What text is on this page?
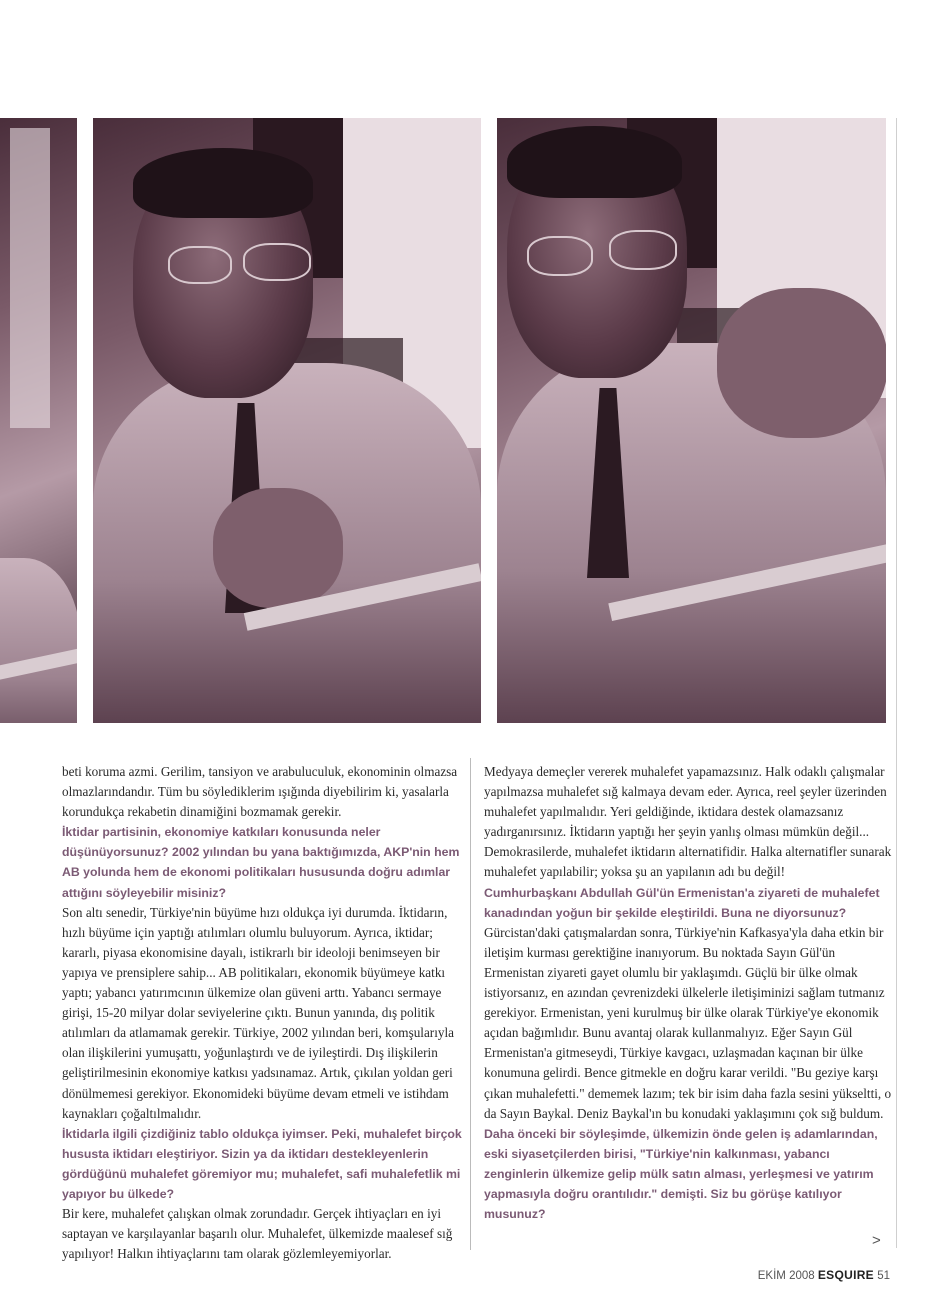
beti koruma azmi. Gerilim, tansiyon ve arabuluculuk, ekonominin olmazsa olmazlarındandır. Tüm bu söylediklerim ışığında diyebilirim ki, yasalarla korundukça rekabetin dinamiğini bozmamak gerekir.

İktidar partisinin, ekonomiye katkıları konusunda neler düşünüyorsunuz? 2002 yılından bu yana baktığımızda, AKP'nin hem AB yolunda hem de ekonomi politikaları hususunda doğru adımlar attığını söyleyebilir misiniz?

Son altı senedir, Türkiye'nin büyüme hızı oldukça iyi durumda. İktidarın, hızlı büyüme için yaptığı atılımları olumlu buluyorum. Ayrıca, iktidar; kararlı, piyasa ekonomisine dayalı, istikrarlı bir ideoloji benimseyen bir yapıya ve prensiplere sahip... AB politikaları, ekonomik büyümeye katkı yaptı; yabancı yatırımcının ülkemize olan güveni arttı. Yabancı sermaye girişi, 15-20 milyar dolar seviyelerine çıktı. Bunun yanında, dış politik atılımları da atlamamak gerekir. Türkiye, 2002 yılından beri, komşularıyla olan ilişkilerini yumuşattı, yoğunlaştırdı ve de iyileştirdi. Dış ilişkilerin geliştirilmesinin ekonomiye katkısı yadsınamaz. Artık, çıkılan yoldan geri dönülmemesi gerekiyor. Ekonomideki büyüme devam etmeli ve istihdam kaynakları çoğaltılmalıdır.

İktidarla ilgili çizdiğiniz tablo oldukça iyimser. Peki, muhalefet birçok hususta iktidarı eleştiriyor. Sizin ya da iktidarı destekleyenlerin gördüğünü muhalefet göremiyor mu; muhalefet, safi muhalefetlik mi yapıyor bu ülkede?

Bir kere, muhalefet çalışkan olmak zorundadır. Gerçek ihtiyaçları en iyi saptayan ve karşılayanlar başarılı olur. Muhalefet, ülkemizde maalesef sığ yapılıyor! Halkın ihtiyaçlarını tam olarak gözlemleyemiyorlar.

Medyaya demeçler vererek muhalefet yapamazsınız. Halk odaklı çalışmalar yapılmazsa muhalefet sığ kalmaya devam eder. Ayrıca, reel şeyler üzerinden muhalefet yapılmalıdır. Yeri geldiğinde, iktidara destek olamazsanız yadırganırsınız. İktidarın yaptığı her şeyin yanlış olması mümkün değil... Demokrasilerde, muhalefet iktidarın alternatifidir. Halka alternatifler sunarak muhalefet yapılabilir; yoksa şu an yapılanın adı bu değil!

Cumhurbaşkanı Abdullah Gül'ün Ermenistan'a ziyareti de muhalefet kanadından yoğun bir şekilde eleştirildi. Buna ne diyorsunuz?

Gürcistan'daki çatışmalardan sonra, Türkiye'nin Kafkasya'yla daha etkin bir iletişim kurması gerektiğine inanıyorum. Bu noktada Sayın Gül'ün Ermenistan ziyareti gayet olumlu bir yaklaşımdı. Güçlü bir ülke olmak istiyorsanız, en azından çevrenizdeki ülkelerle iletişiminizi sağlam tutmanız gerekiyor. Ermenistan, yeni kurulmuş bir ülke olarak Türkiye'ye ekonomik açıdan bağımlıdır. Bunu avantaj olarak kullanmalıyız. Eğer Sayın Gül Ermenistan'a gitmeseydi, Türkiye kavgacı, uzlaşmadan kaçınan bir ülke konumuna gelirdi. Bence gitmekle en doğru karar verildi. "Bu geziye karşı çıkan muhalefetti." dememek lazım; tek bir isim daha fazla sesini yükseltti, o da Sayın Baykal. Deniz Baykal'ın bu konudaki yaklaşımını çok sığ buldum.

Daha önceki bir söyleşimde, ülkemizin önde gelen iş adamlarından, eski siyasetçilerden birisi, "Türkiye'nin kalkınması, yabancı zenginlerin ülkemize gelip mülk satın alması, yerleşmesi ve yatırım yapmasıyla doğru orantılıdır." demişti. Siz bu görüşe katılıyor musunuz?

>
EKİM 2008 ESQUIRE 51
